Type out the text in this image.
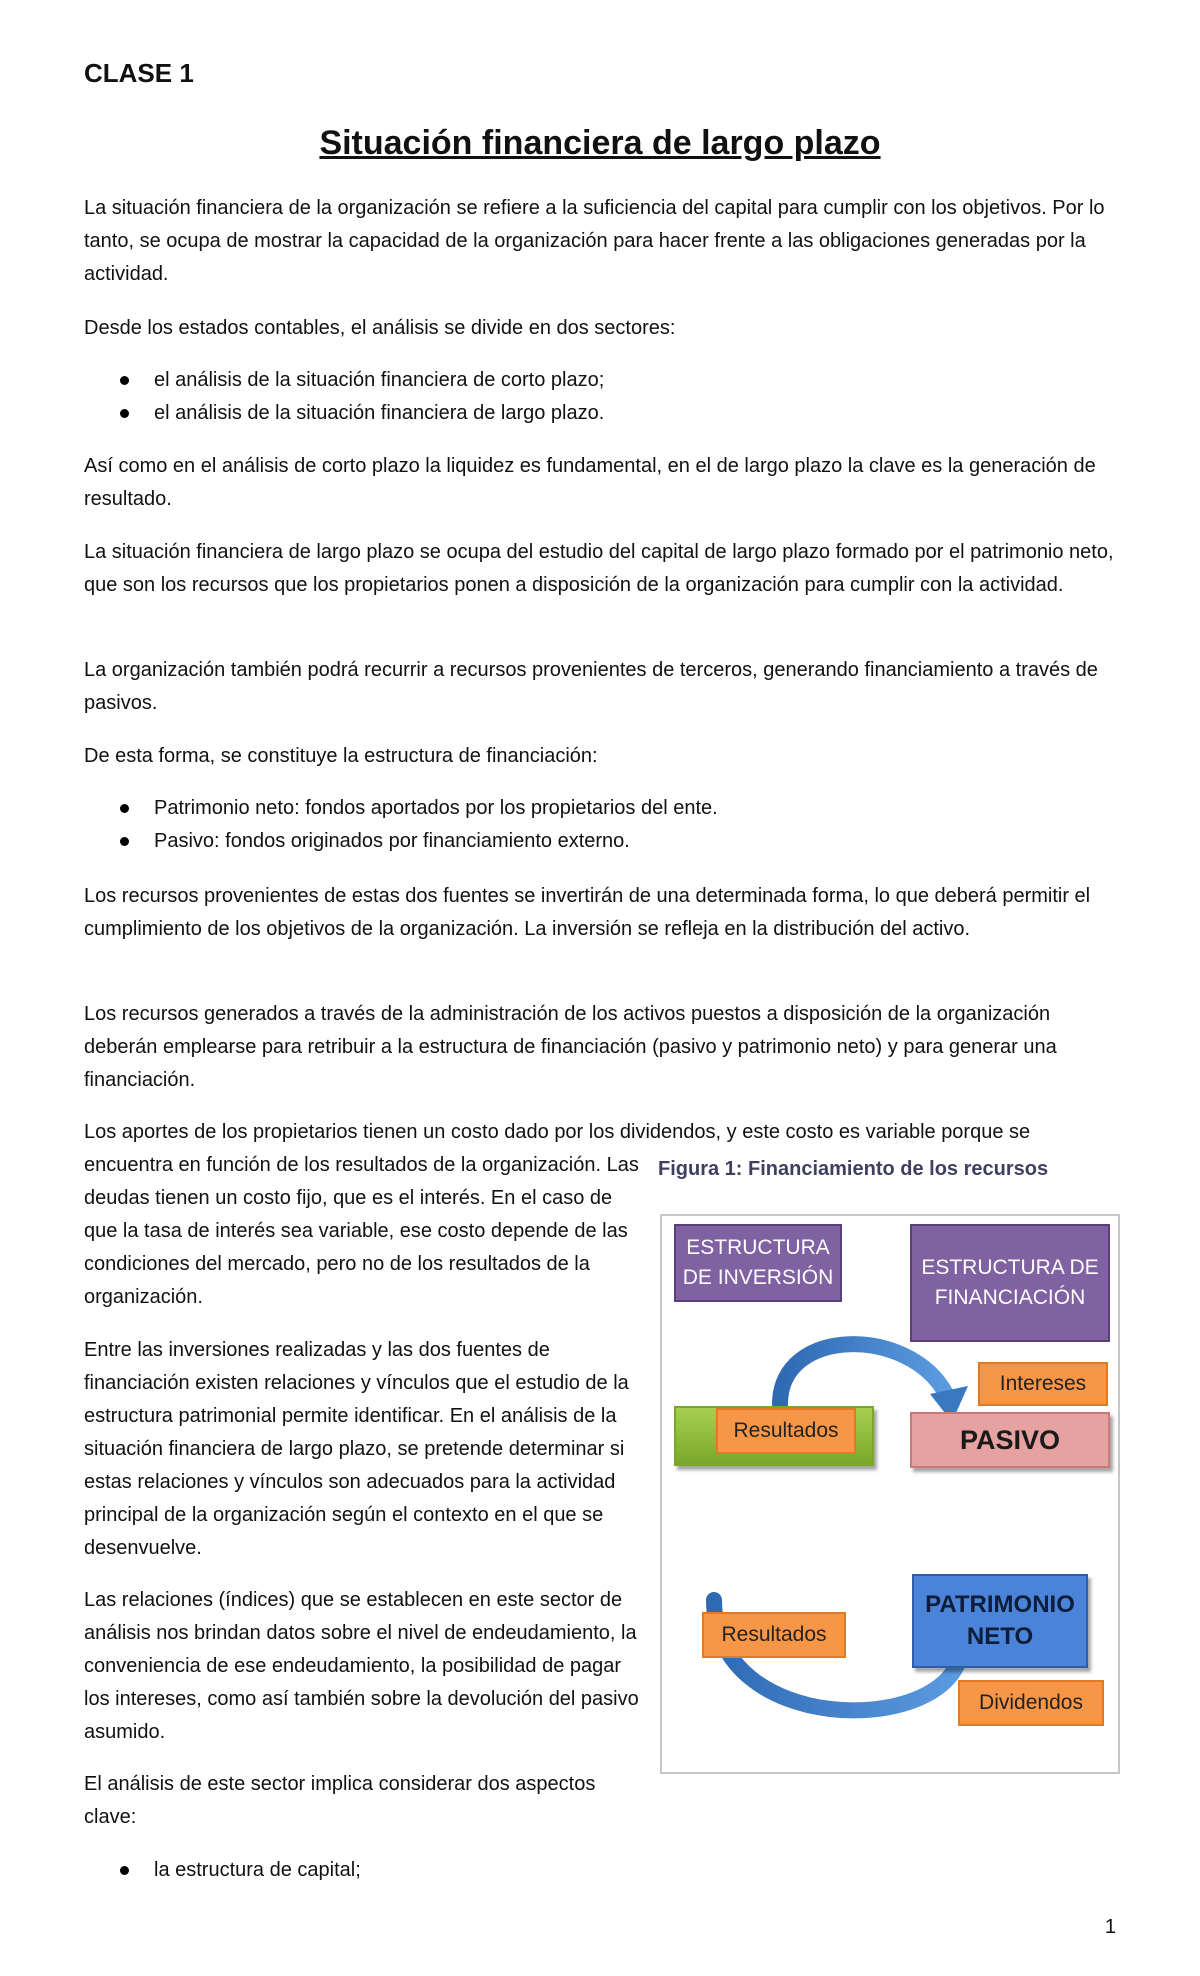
CLASE 1

Situación financiera de largo plazo

La situación financiera de la organización se refiere a la suficiencia del capital para cumplir con los objetivos. Por lo tanto, se ocupa de mostrar la capacidad de la organización para hacer frente a las obligaciones generadas por la actividad.

Desde los estados contables, el análisis se divide en dos sectores:

el análisis de la situación financiera de corto plazo;
el análisis de la situación financiera de largo plazo.

Así como en el análisis de corto plazo la liquidez es fundamental, en el de largo plazo la clave es la generación de resultado.

La situación financiera de largo plazo se ocupa del estudio del capital de largo plazo formado por el patrimonio neto, que son los recursos que los propietarios ponen a disposición de la organización para cumplir con la actividad.

La organización también podrá recurrir a recursos provenientes de terceros, generando financiamiento a través de pasivos.

De esta forma, se constituye la estructura de financiación:

Patrimonio neto: fondos aportados por los propietarios del ente.
Pasivo: fondos originados por financiamiento externo.

Los recursos provenientes de estas dos fuentes se invertirán de una determinada forma, lo que deberá permitir el cumplimiento de los objetivos de la organización. La inversión se refleja en la distribución del activo.

Los recursos generados a través de la administración de los activos puestos a disposición de la organización deberán emplearse para retribuir a la estructura de financiación (pasivo y patrimonio neto) y para generar una financiación.

Los aportes de los propietarios tienen un costo dado por los dividendos, y este costo es variable porque se

encuentra en función de los resultados de la organización. Las deudas tienen un costo fijo, que es el interés. En el caso de que la tasa de interés sea variable, ese costo depende de las condiciones del mercado, pero no de los resultados de la organización.

Entre las inversiones realizadas y las dos fuentes de financiación existen relaciones y vínculos que el estudio de la estructura patrimonial permite identificar. En el análisis de la situación financiera de largo plazo, se pretende determinar si estas relaciones y vínculos son adecuados para la actividad principal de la organización según el contexto en el que se desenvuelve.

Las relaciones (índices) que se establecen en este sector de análisis nos brindan datos sobre el nivel de endeudamiento, la conveniencia de ese endeudamiento, la posibilidad de pagar los intereses, como así también sobre la devolución del pasivo asumido.

El análisis de este sector implica considerar dos aspectos clave:

la estructura de capital;
Figura 1: Financiamiento de los recursos
ESTRUCTURA DE INVERSIÓN	ESTRUCTURA DE FINANCIACIÓN
Intereses
Resultados	PASIVO
PATRIMONIO NETO
Resultados
Dividendos
1
